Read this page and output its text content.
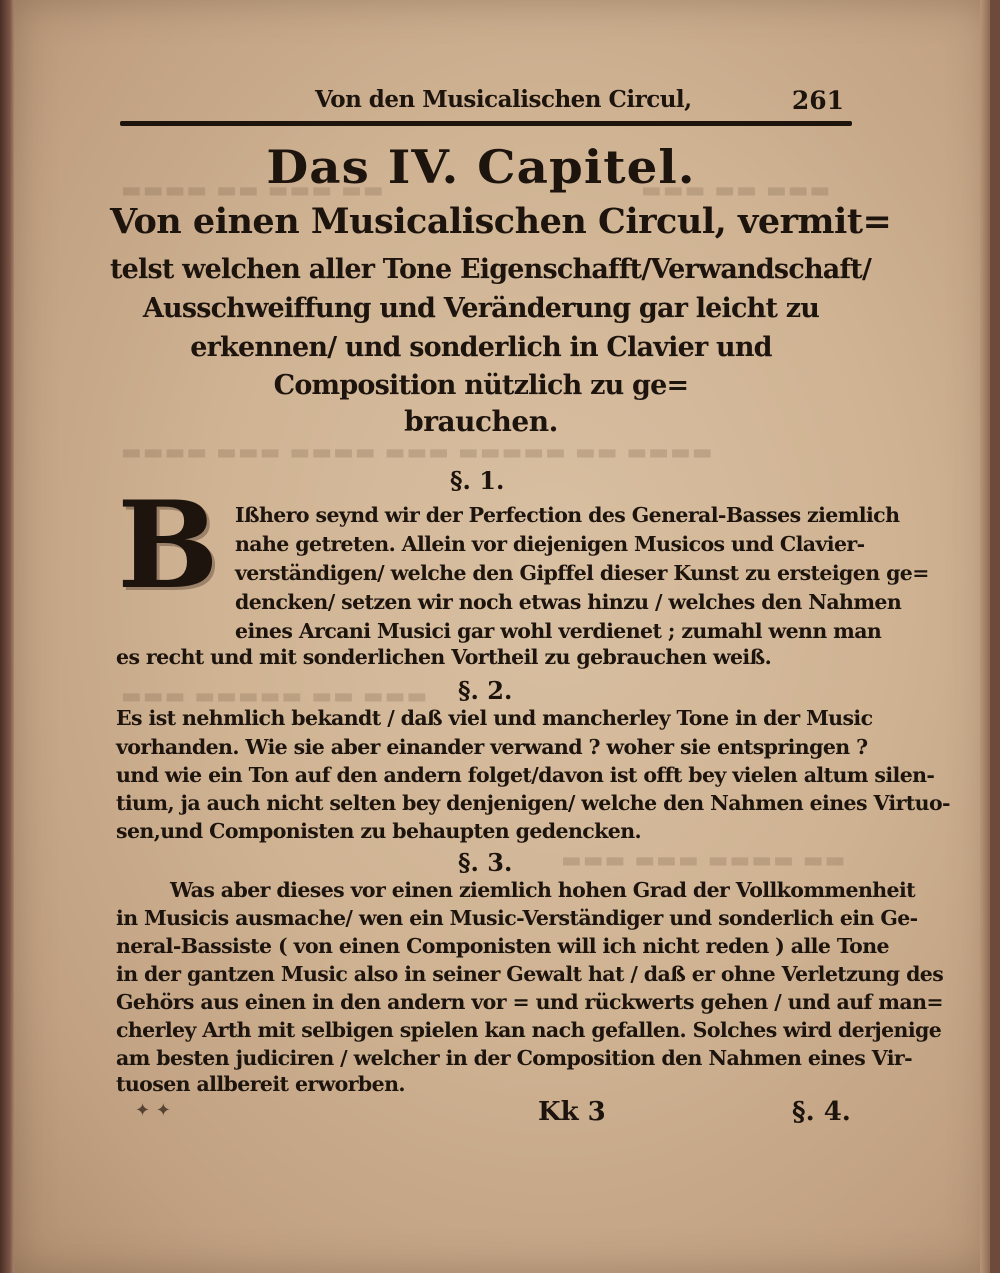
▬▬ ▬▬▬ ▬▬ ▬▬▬▬	▬▬▬ ▬▬ ▬▬▬
▬▬▬▬ ▬▬ ▬▬▬▬▬ ▬▬▬ ▬▬▬▬ ▬▬▬ ▬▬▬▬
▬▬▬ ▬▬ ▬▬▬▬▬ ▬▬▬
▬▬ ▬▬▬▬ ▬▬▬ ▬▬▬
Von den Musicalischen Circul,	261
Das IV. Capitel.
Von einen Musicalischen Circul, vermit=
telst welchen aller Tone Eigenschafft/Verwandschaft/
Ausschweiffung und Veränderung gar leicht zu
erkennen/ und sonderlich in Clavier und
Composition nützlich zu ge=
brauchen.
§. 1.
B Ißhero seynd wir der Perfection des General-Basses ziemlich
nahe getreten. Allein vor diejenigen Musicos und Clavier-
verständigen/ welche den Gipffel dieser Kunst zu ersteigen ge=
dencken/ setzen wir noch etwas hinzu / welches den Nahmen
eines Arcani Musici gar wohl verdienet ; zumahl wenn man
es recht und mit sonderlichen Vortheil zu gebrauchen weiß.
§. 2.
Es ist nehmlich bekandt / daß viel und mancherley Tone in der Music
vorhanden. Wie sie aber einander verwand ? woher sie entspringen ?
und wie ein Ton auf den andern folget/davon ist offt bey vielen altum silen-
tium, ja auch nicht selten bey denjenigen/ welche den Nahmen eines Virtuo-
sen,und Componisten zu behaupten gedencken.
§. 3.
Was aber dieses vor einen ziemlich hohen Grad der Vollkommenheit
in Musicis ausmache/ wen ein Music-Verständiger und sonderlich ein Ge-
neral-Bassiste ( von einen Componisten will ich nicht reden ) alle Tone
in der gantzen Music also in seiner Gewalt hat / daß er ohne Verletzung des
Gehörs aus einen in den andern vor = und rückwerts gehen / und auf man=
cherley Arth mit selbigen spielen kan nach gefallen. Solches wird derjenige
am besten judiciren / welcher in der Composition den Nahmen eines Vir-
tuosen allbereit erworben.
✦ ✦	Kk 3	§. 4.
